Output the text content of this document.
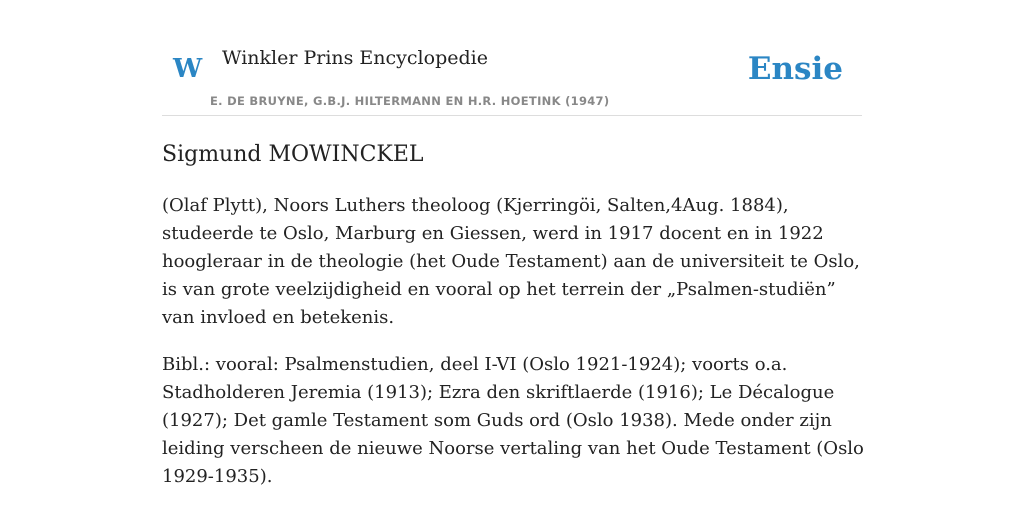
W Winkler Prins Encyclopedie
E. DE BRUYNE, G.B.J. HILTERMANN EN H.R. HOETINK (1947)
Ensie
Sigmund MOWINCKEL

(Olaf Plytt), Noors Luthers theoloog (Kjerringöi, Salten,4Aug. 1884), studeerde te Oslo, Marburg en Giessen, werd in 1917 docent en in 1922 hoogleraar in de theologie (het Oude Testament) aan de universiteit te Oslo, is van grote veelzijdigheid en vooral op het terrein der „Psalmen-studiën” van invloed en betekenis.

Bibl.: vooral: Psalmenstudien, deel I-VI (Oslo 1921-1924); voorts o.a. Stadholderen Jeremia (1913); Ezra den skriftlaerde (1916); Le Décalogue (1927); Det gamle Testament som Guds ord (Oslo 1938). Mede onder zijn leiding verscheen de nieuwe Noorse vertaling van het Oude Testament (Oslo 1929-1935).
